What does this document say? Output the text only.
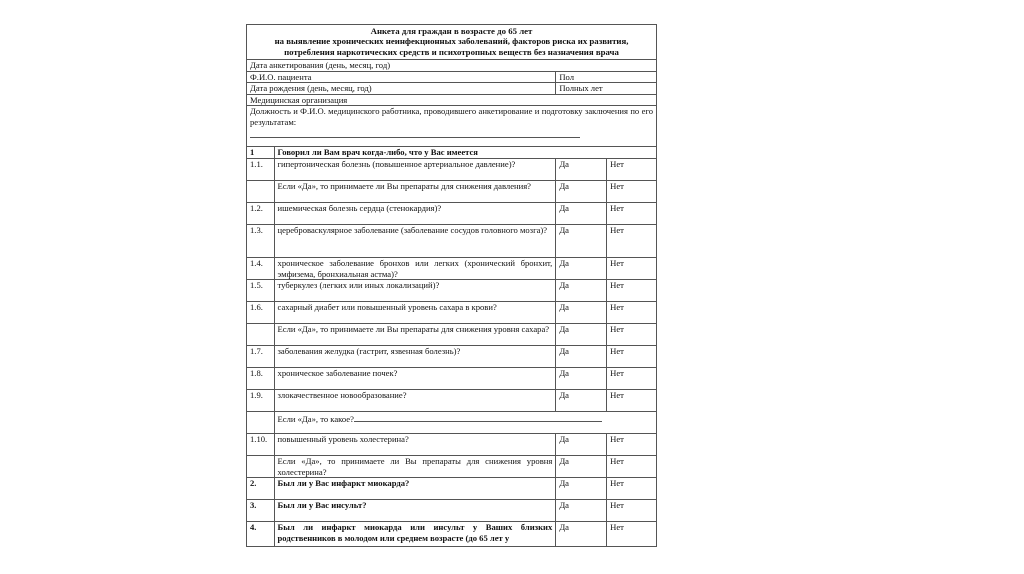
Анкета для граждан в возрасте до 65 лет
на выявление хронических неинфекционных заболеваний, факторов риска их развития,
потребления наркотических средств и психотропных веществ без назначения врача			

Дата анкетирования (день, месяц, год)			
Ф.И.О. пациента		Пол	
Дата рождения (день, месяц, год)		Полных лет	
Медицинская организация			
Должность и Ф.И.О. медицинского работника, проводившего анкетирование и подготовку заключения по его результатам:			

1	Говорил ли Вам врач когда-либо, что у Вас имеется		
1.1.	гипертоническая болезнь (повышенное артериальное давление)?	Да	Нет
	Если «Да», то принимаете ли Вы препараты для снижения давления?	Да	Нет
1.2.	ишемическая болезнь сердца (стенокардия)?	Да	Нет
1.3.	цереброваскулярное заболевание (заболевание сосудов головного мозга)?	Да	Нет
1.4.	хроническое заболевание бронхов или легких (хронический бронхит, эмфизема, бронхиальная астма)?	Да	Нет
1.5.	туберкулез (легких или иных локализаций)?	Да	Нет
1.6.	сахарный диабет или повышенный уровень сахара в крови?	Да	Нет
	Если «Да», то принимаете ли Вы препараты для снижения уровня сахара?	Да	Нет
1.7.	заболевания желудка (гастрит, язвенная болезнь)?	Да	Нет
1.8.	хроническое заболевание почек?	Да	Нет
1.9.	злокачественное новообразование?	Да	Нет
	Если «Да», то какое?		
1.10.	повышенный уровень холестерина?	Да	Нет
	Если «Да», то принимаете ли Вы препараты для снижения уровня холестерина?	Да	Нет
2.	Был ли у Вас инфаркт миокарда?	Да	Нет
3.	Был ли у Вас инсульт?	Да	Нет
4.	Был ли инфаркт миокарда или инсульт у Ваших близких родственников в молодом или среднем возрасте (до 65 лет у	Да	Нет
